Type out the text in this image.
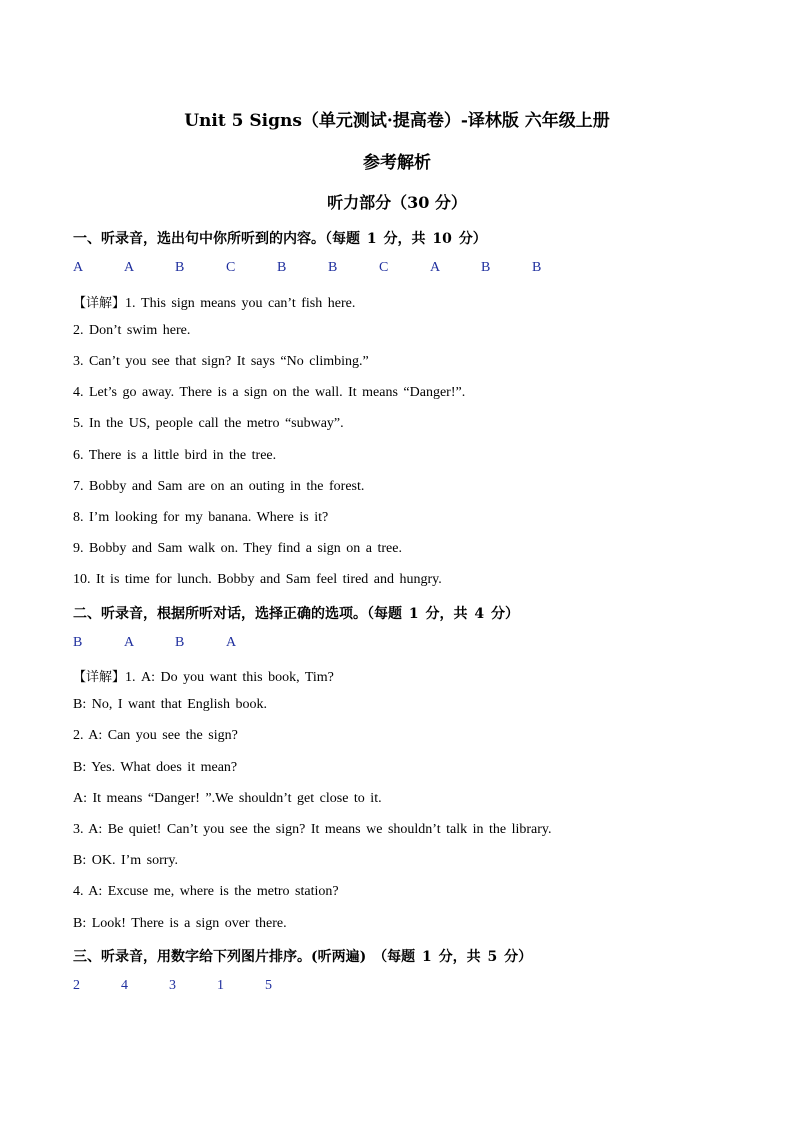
Unit 5 Signs（单元测试·提高卷）-译林版 六年级上册
参考解析
听力部分（30 分）
一、听录音，选出句中你所听到的内容。（每题 1 分，共 10 分）
A	A	B	C	B	B	C	A	B	B
【详解】1. This sign means you can’t fish here.
2. Don’t swim here.
3. Can’t you see that sign? It says “No climbing.”
4. Let’s go away. There is a sign on the wall. It means “Danger!”.
5. In the US, people call the metro “subway”.
6. There is a little bird in the tree.
7. Bobby and Sam are on an outing in the forest.
8. I’m looking for my banana. Where is it?
9. Bobby and Sam walk on. They find a sign on a tree.
10. It is time for lunch. Bobby and Sam feel tired and hungry.
二、听录音，根据所听对话，选择正确的选项。（每题 1 分，共 4 分）
B	A	B	A
【详解】1. A: Do you want this book, Tim?
B: No, I want that English book.
2. A: Can you see the sign?
B: Yes. What does it mean?
A: It means “Danger! ”.We shouldn’t get close to it.
3. A: Be quiet! Can’t you see the sign? It means we shouldn’t talk in the library.
B: OK. I’m sorry.
4. A: Excuse me, where is the metro station?
B: Look! There is a sign over there.
三、听录音，用数字给下列图片排序。(听两遍) （每题 1 分，共 5 分）
2	4	3	1	5
